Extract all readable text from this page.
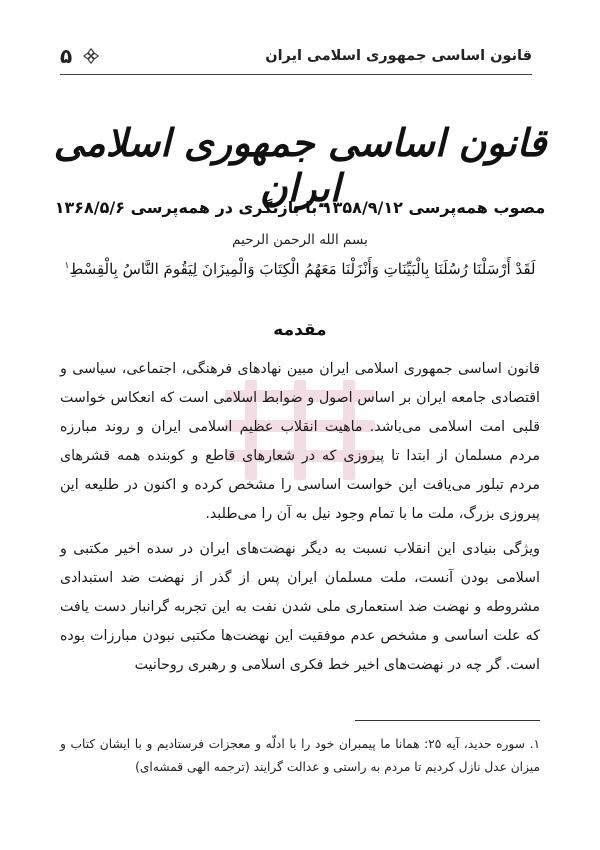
قانون اساسی جمهوری اسلامی ایران
۵
قانون اساسی جمهوری اسلامی ایران
مصوب همه‌پرسی ۱۳۵۸/۹/۱۲ با بازنگری در همه‌پرسی ۱۳۶۸/۵/۶
بسم الله الرحمن الرحیم
لَقَدْ أَرْسَلْنَا رُسُلَنَا بِالْبَيِّنَاتِ وَأَنْزَلْنَا مَعَهُمُ الْكِتَابَ وَالْمِيزَانَ لِيَقُومَ النَّاسُ بِالْقِسْطِ$^۱$
مقدمه

قانون اساسی جمهوری اسلامی ایران مبین نهادهای فرهنگی، اجتماعی، سیاسی و اقتصادی جامعه ایران بر اساس اصول و ضوابط اسلامی است که انعکاس خواست قلبی امت اسلامی می‌باشد. ماهیت انقلاب عظیم اسلامی ایران و روند مبارزه مردم مسلمان از ابتدا تا پیروزی که در شعارهای قاطع و کوبنده همه قشرهای مردم تبلور می‌یافت این خواست اساسی را مشخص کرده و اکنون در طلیعه این پیروزی بزرگ، ملت ما با تمام وجود نیل به آن را می‌طلبد.

ویژگی بنیادی این انقلاب نسبت به دیگر نهضت‌های ایران در سده اخیر مکتبی و اسلامی بودن آنست، ملت مسلمان ایران پس از گذر از نهضت ضد استبدادی مشروطه و نهضت ضد استعماری ملی شدن نفت به این تجربه گرانبار دست یافت که علت اساسی و مشخص عدم موفقیت این نهضت‌ها مکتبی نبودن مبارزات بوده است. گر چه در نهضت‌های اخیر خط فکری اسلامی و رهبری روحانیت

۱. سوره حدید، آیه ۲۵: همانا ما پیمبران خود را با ادلّه و معجزات فرستادیم و با ایشان کتاب و میزان عدل نازل کردیم تا مردم به راستی و عدالت گرایند (ترجمه الهی قمشه‌ای)
